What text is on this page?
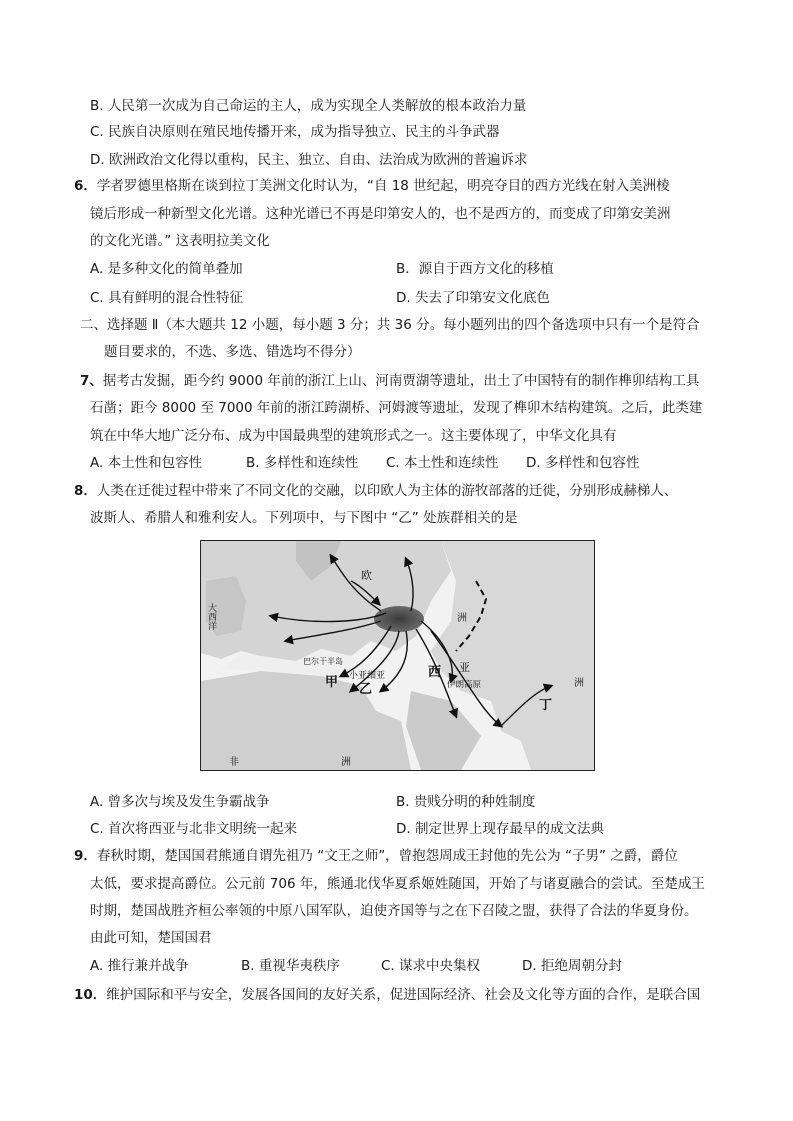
B. 人民第一次成为自己命运的主人，成为实现全人类解放的根本政治力量
C. 民族自决原则在殖民地传播开来，成为指导独立、民主的斗争武器
D. 欧洲政治文化得以重构，民主、独立、自由、法治成为欧洲的普遍诉求
6．学者罗德里格斯在谈到拉丁美洲文化时认为，“自 18 世纪起，明亮夺目的西方光线在射入美洲棱
镜后形成一种新型文化光谱。这种光谱已不再是印第安人的，也不是西方的，而变成了印第安美洲
的文化光谱。” 这表明拉美文化
A. 是多种文化的简单叠加	B．源自于西方文化的移植
C. 具有鲜明的混合性特征	D. 失去了印第安文化底色
二、选择题 Ⅱ（本大题共 12 小题，每小题 3 分；共 36 分。每小题列出的四个备选项中只有一个是符合
题目要求的，不选、多选、错选均不得分）
7、据考古发掘，距今约 9000 年前的浙江上山、河南贾湖等遗址，出土了中国特有的制作榫卯结构工具
石凿；距今 8000 至 7000 年前的浙江跨湖桥、河姆渡等遗址，发现了榫卯木结构建筑。之后，此类建
筑在中华大地广泛分布、成为中国最典型的建筑形式之一。这主要体现了，中华文化具有
A. 本土性和包容性	B. 多样性和连续性 C. 本土性和连续性 D. 多样性和包容性
8．人类在迁徙过程中带来了不同文化的交融，以印欧人为主体的游牧部落的迁徙，分别形成赫梯人、
波斯人、希腊人和雅利安人。下列项中，与下图中 “乙” 处族群相关的是
欧
洲
洲
巴尔干半岛
小亚细亚
甲 乙
西 亚
伊朗高原
丁
非	洲
大西洋
A. 曾多次与埃及发生争霸战争	B. 贵贱分明的种姓制度
C. 首次将西亚与北非文明统一起来	D. 制定世界上现存最早的成文法典
9．春秋时期，楚国国君熊通自谓先祖乃 “文王之师”，曾抱怨周成王封他的先公为 “子男” 之爵，爵位
太低，要求提高爵位。公元前 706 年，熊通北伐华夏系姬姓随国，开始了与诸夏融合的尝试。至楚成王
时期，楚国战胜齐桓公率领的中原八国军队，迫使齐国等与之在下召陵之盟，获得了合法的华夏身份。
由此可知，楚国国君
A. 推行兼并战争	B. 重视华夷秩序	C. 谋求中央集权	D. 拒绝周朝分封
10．维护国际和平与安全，发展各国间的友好关系，促进国际经济、社会及文化等方面的合作，是联合国
